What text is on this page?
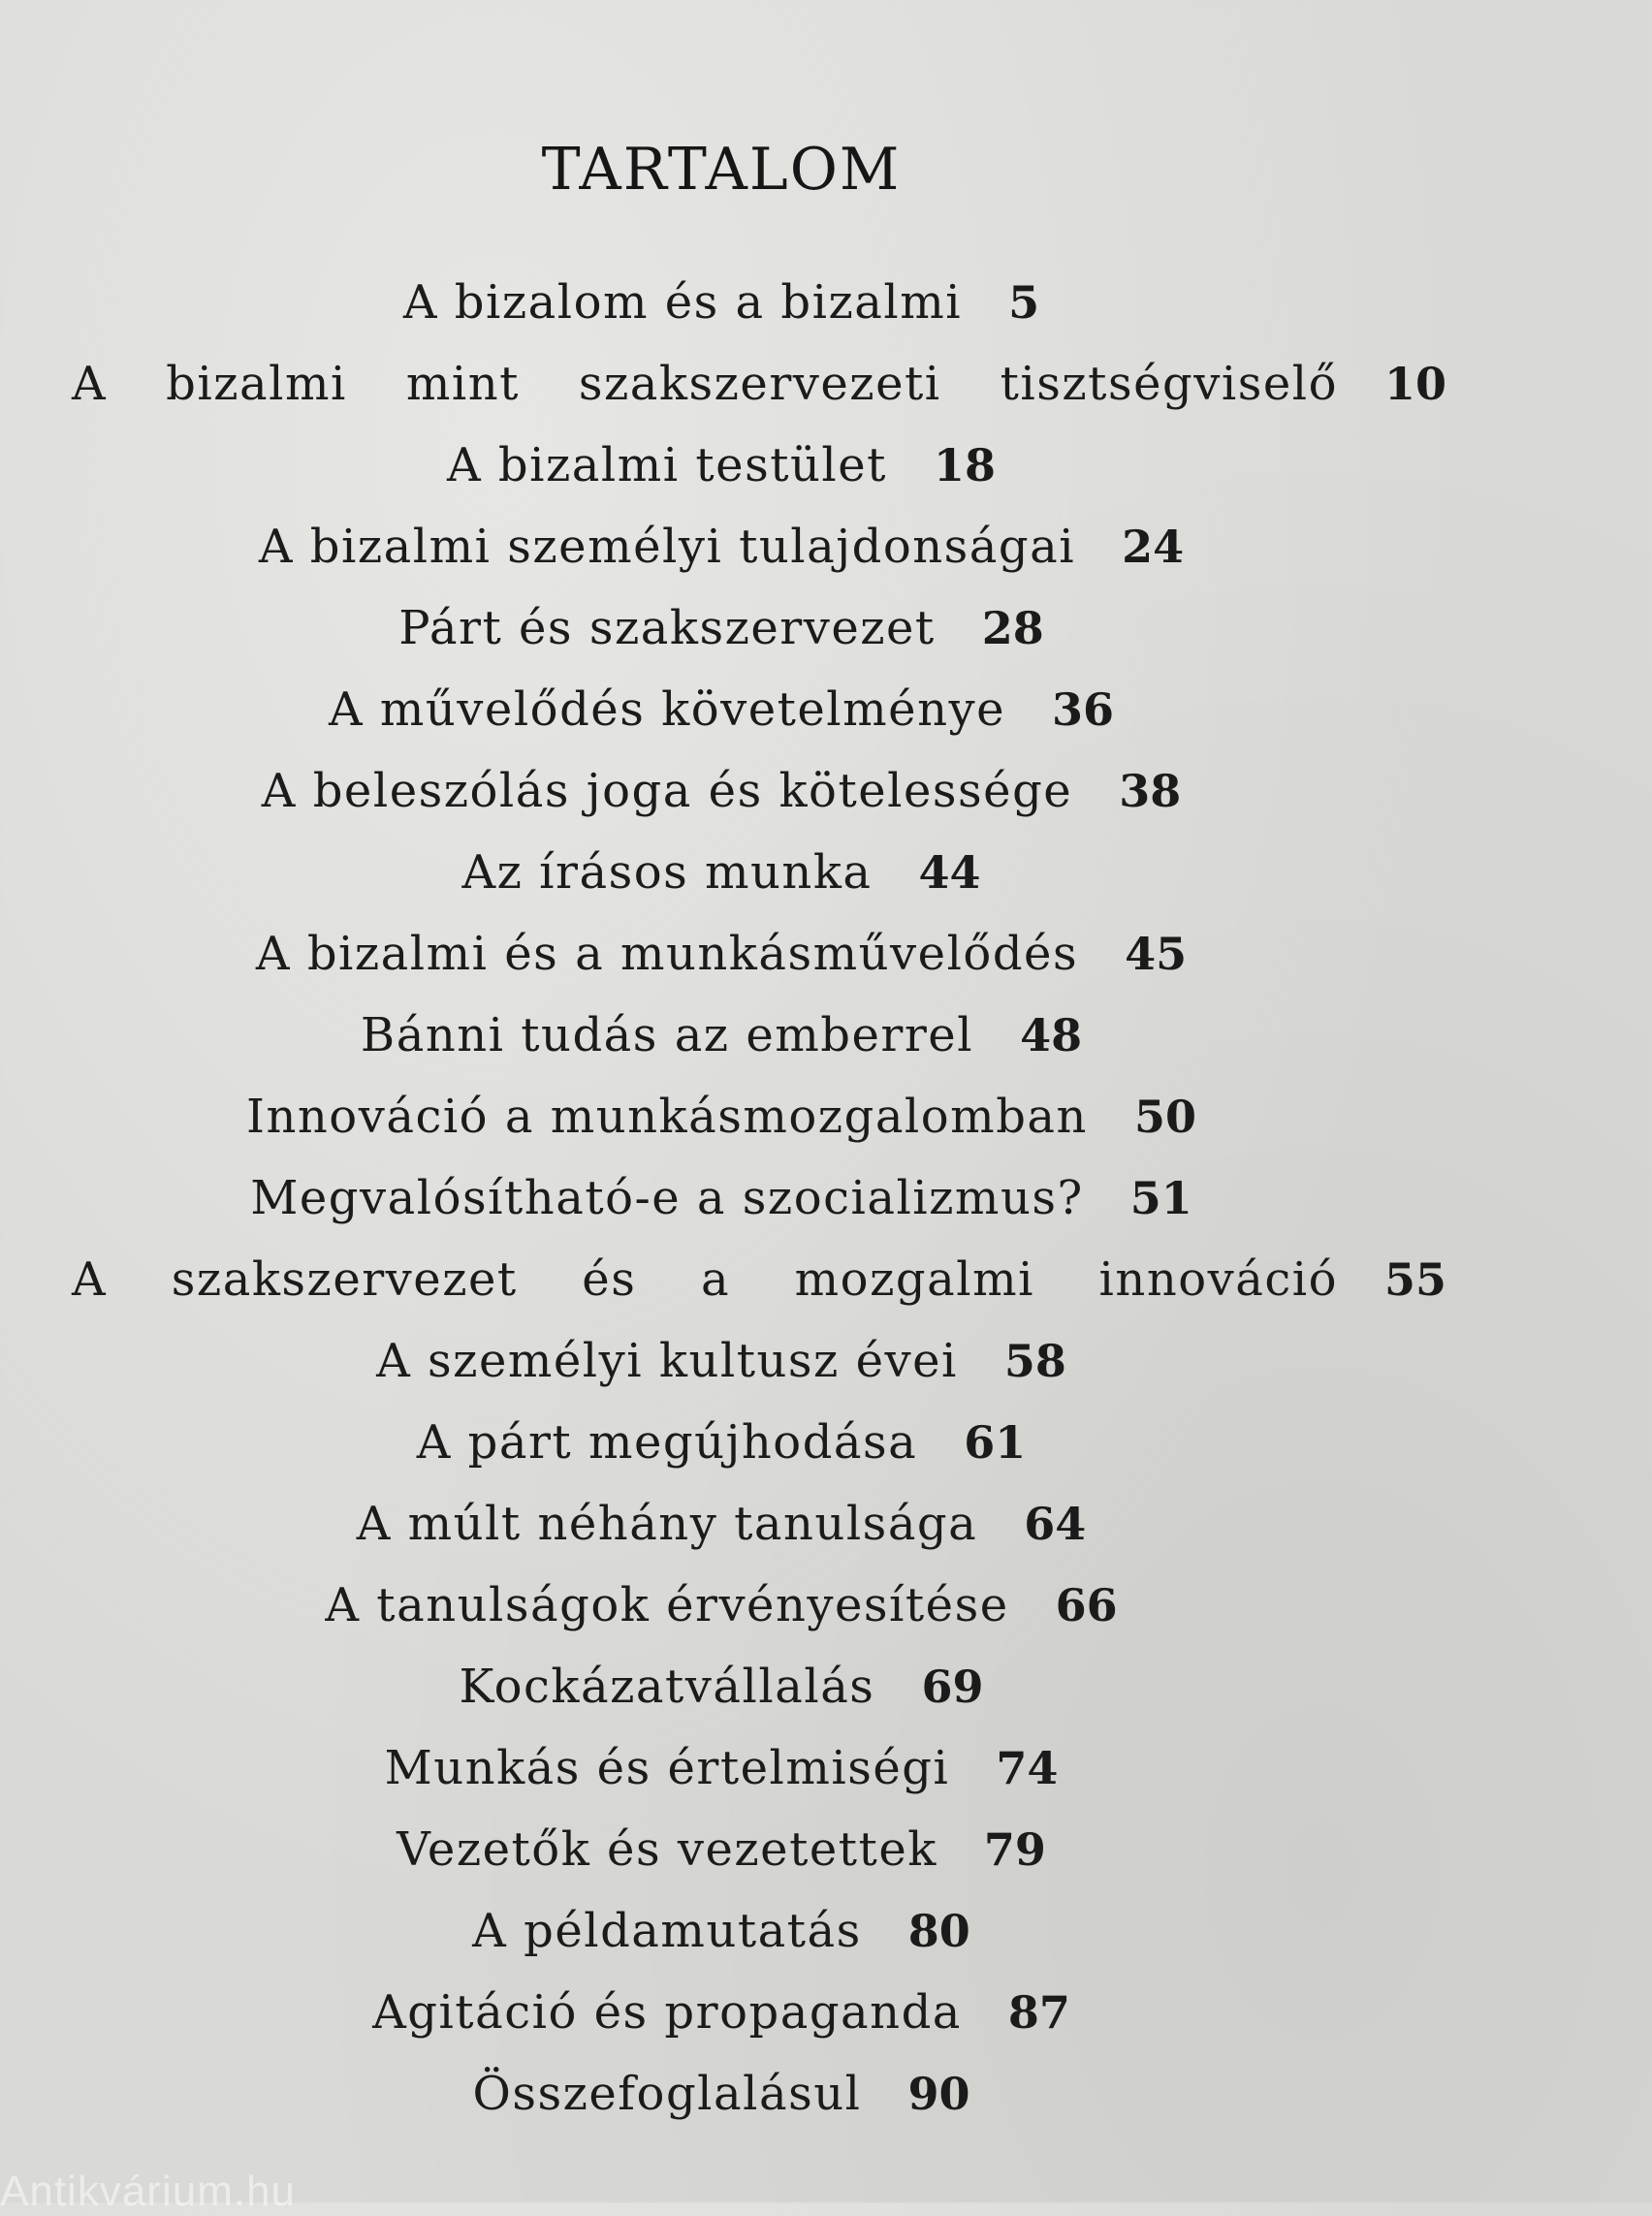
TARTALOM
A bizalom és a bizalmi 5
A bizalmi mint szakszervezeti tisztségviselő 10
A bizalmi testület 18
A bizalmi személyi tulajdonságai 24
Párt és szakszervezet 28
A művelődés követelménye 36
A beleszólás joga és kötelessége 38
Az írásos munka 44
A bizalmi és a munkásművelődés 45
Bánni tudás az emberrel 48
Innováció a munkásmozgalomban 50
Megvalósítható-e a szocializmus? 51
A szakszervezet és a mozgalmi innováció 55
A személyi kultusz évei 58
A párt megújhodása 61
A múlt néhány tanulsága 64
A tanulságok érvényesítése 66
Kockázatvállalás 69
Munkás és értelmiségi 74
Vezetők és vezetettek 79
A példamutatás 80
Agitáció és propaganda 87
Összefoglalásul 90
Antikvárium.hu
